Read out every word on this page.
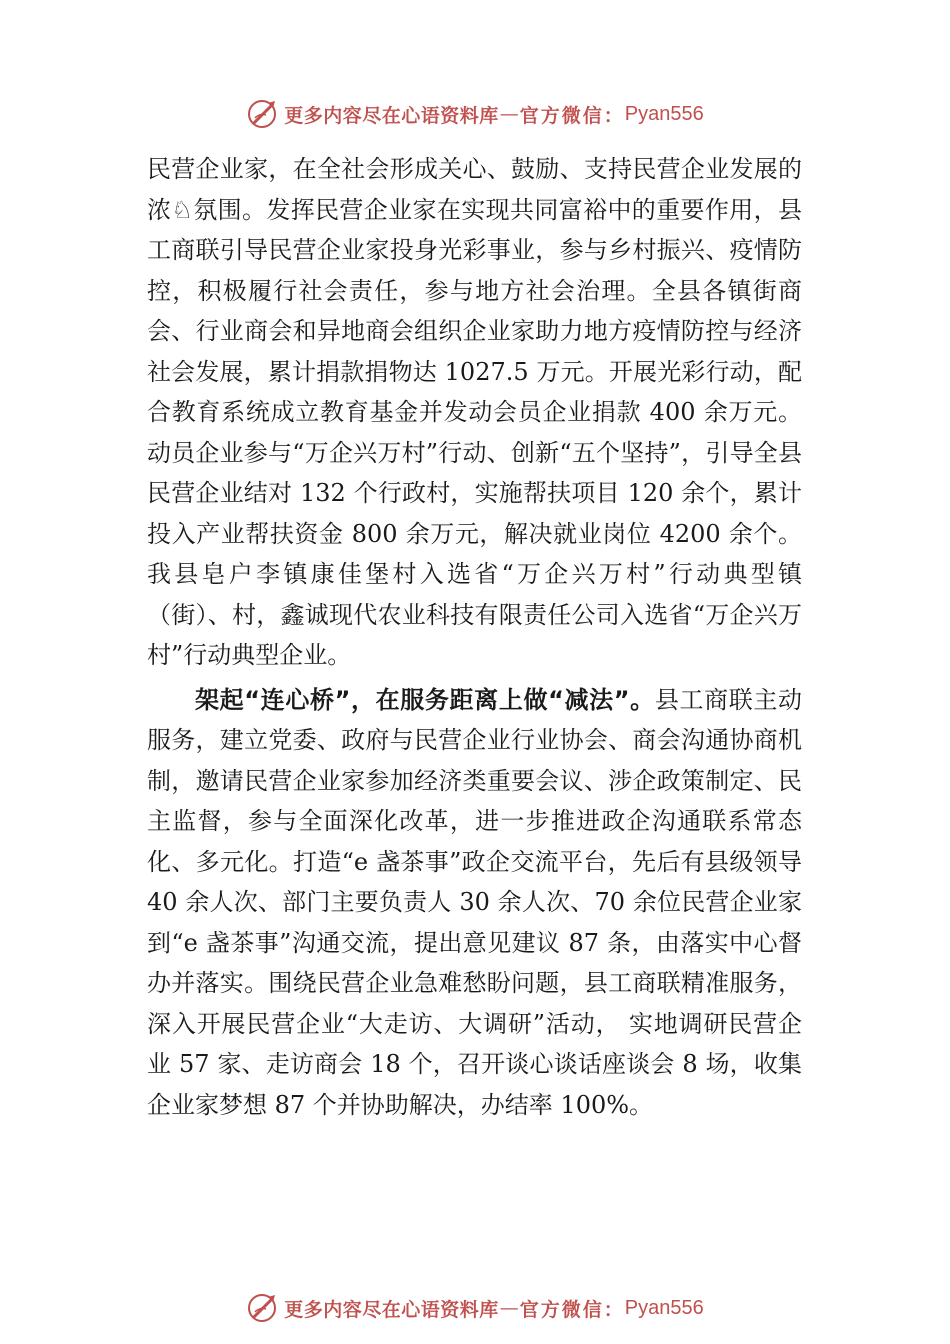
更多内容尽在心语资料库 — 官方微信： Pyan556

民营企业家，在全社会形成关心、鼓励、支持民营企业发展的浓♘氛围。发挥民营企业家在实现共同富裕中的重要作用，县工商联引导民营企业家投身光彩事业，参与乡村振兴、疫情防控，积极履行社会责任，参与地方社会治理。全县各镇街商会、行业商会和异地商会组织企业家助力地方疫情防控与经济社会发展，累计捐款捐物达 1027.5 万元。开展光彩行动，配合教育系统成立教育基金并发动会员企业捐款 400 余万元。动员企业参与“万企兴万村”行动、创新“五个坚持”，引导全县民营企业结对 132 个行政村，实施帮扶项目 120 余个，累计投入产业帮扶资金 800 余万元，解决就业岗位 4200 余个。我县皂户李镇康佳堡村入选省“万企兴万村”行动典型镇（街）、村，鑫诚现代农业科技有限责任公司入选省“万企兴万村”行动典型企业。

架起“连心桥”，在服务距离上做“减法”。县工商联主动服务，建立党委、政府与民营企业行业协会、商会沟通协商机制，邀请民营企业家参加经济类重要会议、涉企政策制定、民主监督，参与全面深化改革，进一步推进政企沟通联系常态化、多元化。打造“e 盏茶事”政企交流平台，先后有县级领导 40 余人次、部门主要负责人 30 余人次、70 余位民营企业家到“e 盏茶事”沟通交流，提出意见建议 87 条，由落实中心督办并落实。围绕民营企业急难愁盼问题，县工商联精准服务，深入开展民营企业“大走访、大调研”活动， 实地调研民营企业 57 家、走访商会 18 个，召开谈心谈话座谈会 8 场，收集企业家梦想 87 个并协助解决，办结率 100%。

更多内容尽在心语资料库 — 官方微信： Pyan556
